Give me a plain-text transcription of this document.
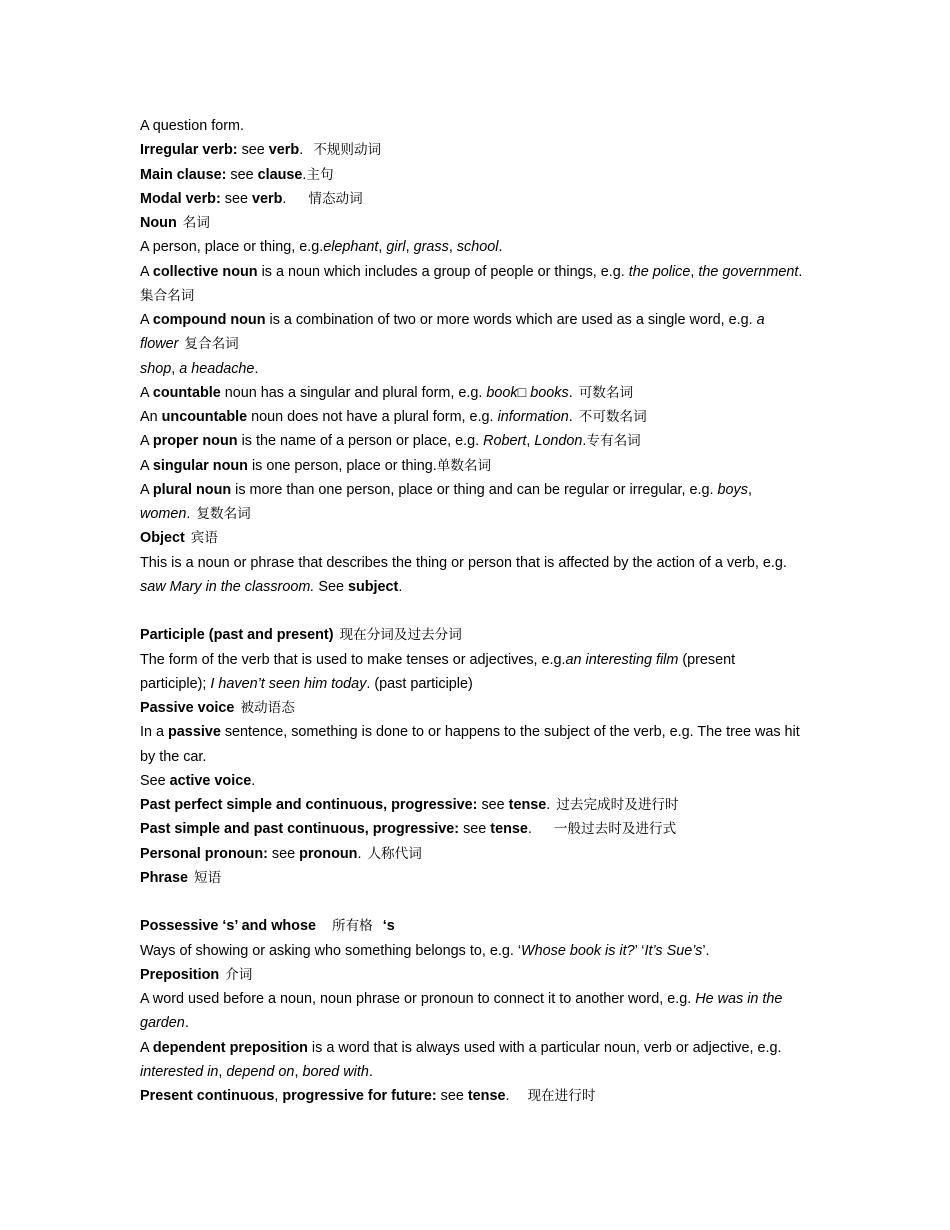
A question form.
Irregular verb: see verb. 不规则动词
Main clause: see clause.主句
Modal verb: see verb. 情态动词
Noun 名词
A person, place or thing, e.g.elephant, girl, grass, school.
A collective noun is a noun which includes a group of people or things, e.g. the police, the government.
集合名词
A compound noun is a combination of two or more words which are used as a single word, e.g. a
flower 复合名词
shop, a headache.
A countable noun has a singular and plural form, e.g. book□ books. 可数名词
An uncountable noun does not have a plural form, e.g. information. 不可数名词
A proper noun is the name of a person or place, e.g. Robert, London.专有名词
A singular noun is one person, place or thing.单数名词
A plural noun is more than one person, place or thing and can be regular or irregular, e.g. boys,
women. 复数名词
Object 宾语
This is a noun or phrase that describes the thing or person that is affected by the action of a verb, e.g.
saw Mary in the classroom. See subject.
Participle (past and present) 现在分词及过去分词
The form of the verb that is used to make tenses or adjectives, e.g.an interesting film (present
participle); I haven’t seen him today. (past participle)
Passive voice 被动语态
In a passive sentence, something is done to or happens to the subject of the verb, e.g. The tree was hit
by the car.
See active voice.
Past perfect simple and continuous, progressive: see tense. 过去完成时及进行时
Past simple and past continuous, progressive: see tense. 一般过去时及进行式
Personal pronoun: see pronoun. 人称代词
Phrase 短语
Possessive ‘s’ and whose 所有格 ‘s
Ways of showing or asking who something belongs to, e.g. ‘Whose book is it?’ ‘It’s Sue’s’.
Preposition 介词
A word used before a noun, noun phrase or pronoun to connect it to another word, e.g. He was in the
garden.
A dependent preposition is a word that is always used with a particular noun, verb or adjective, e.g.
interested in, depend on, bored with.
Present continuous, progressive for future: see tense. 现在进行时
